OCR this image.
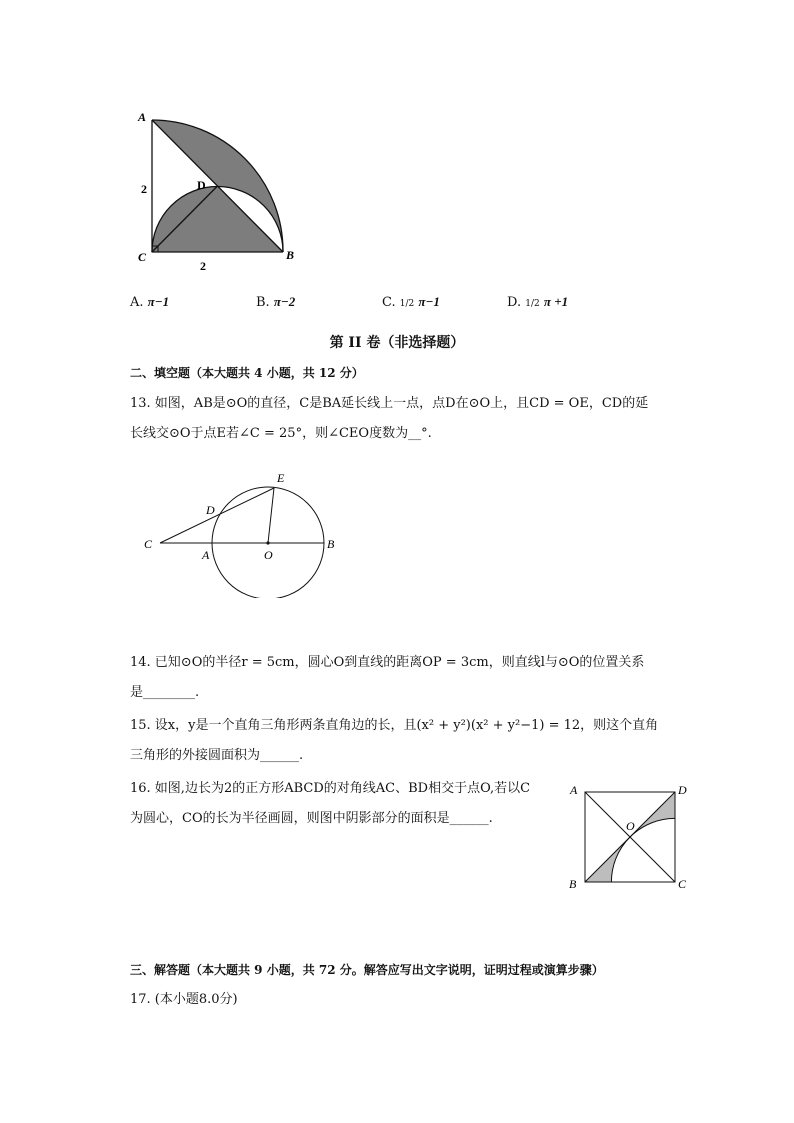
A
D
C	B
2
2
A. π−1	B. π−2	C. 1/2 π−1	D. 1/2 π +1
第 II 卷（非选择题）
二、填空题（本大题共 4 小题，共 12 分）
13. 如图，AB是⊙O的直径，C是BA延长线上一点，点D在⊙O上，且CD = OE，CD的延
长线交⊙O于点E若∠C = 25°，则∠CEO度数为__°.
E
D
C
A	O
B
14. 已知⊙O的半径r = 5cm，圆心O到直线的距离OP = 3cm，则直线l与⊙O的位置关系
是________.
15. 设x，y是一个直角三角形两条直角边的长，且(x² + y²)(x² + y²−1) = 12，则这个直角
三角形的外接圆面积为______.
16. 如图,边长为2的正方形ABCD的对角线AC、BD相交于点O,若以C
为圆心，CO的长为半径画圆，则图中阴影部分的面积是______.
A	D
O
B	C
三、解答题（本大题共 9 小题，共 72 分。解答应写出文字说明，证明过程或演算步骤）
17. (本小题8.0分)
